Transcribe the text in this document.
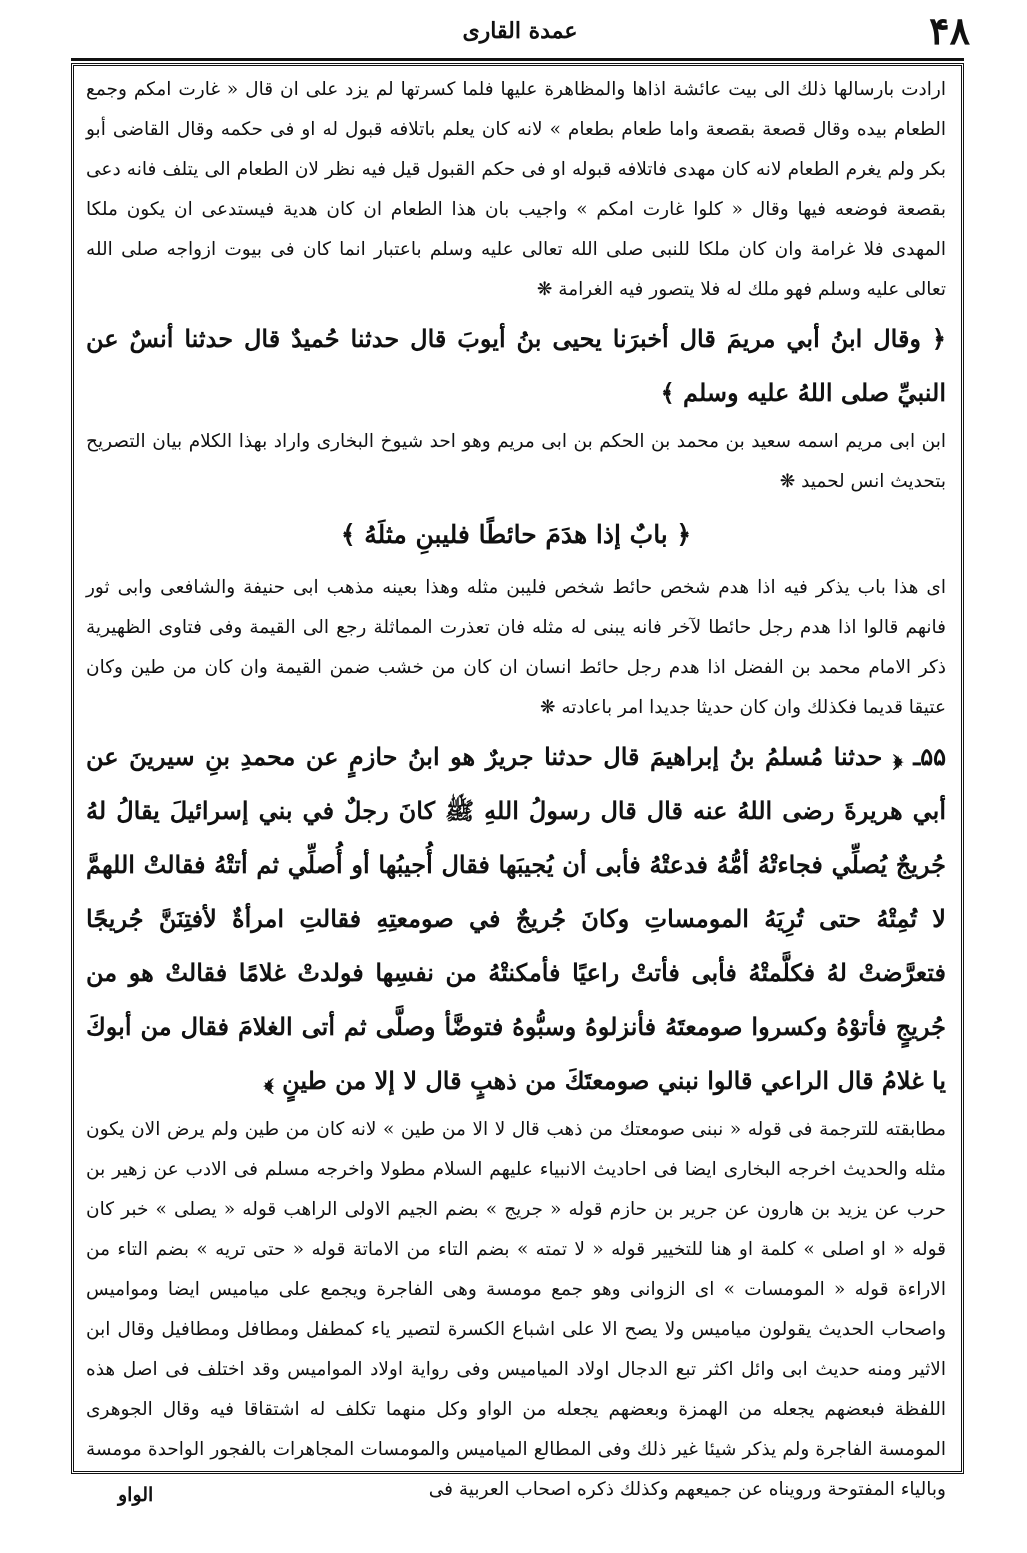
۴۸
عمدة القاری

ارادت بارسالها ذلك الى بيت عائشة اذاها والمظاهرة عليها فلما كسرتها لم يزد على ان قال « غارت امكم وجمع الطعام بيده وقال قصعة بقصعة واما طعام بطعام » لانه كان يعلم باتلافه قبول له او فى حكمه وقال القاضى أبو بكر ولم يغرم الطعام لانه كان مهدى فاتلافه قبوله او فى حكم القبول قيل فيه نظر لان الطعام الى يتلف فانه دعى بقصعة فوضعه فيها وقال « كلوا غارت امكم » واجيب بان هذا الطعام ان كان هدية فيستدعى ان يكون ملكا المهدى فلا غرامة وان كان ملكا للنبى صلى الله تعالى عليه وسلم باعتبار انما كان فى بيوت ازواجه صلى الله تعالى عليه وسلم فهو ملك له فلا يتصور فيه الغرامة ❋

﴿ وقال ابنُ أبي مريمَ قال أخبرَنا يحيى بنُ أيوبَ قال حدثنا حُميدٌ قال حدثنا أنسٌ عن النبيِّ صلى اللهُ عليه وسلم ﴾

ابن ابى مريم اسمه سعيد بن محمد بن الحكم بن ابى مريم وهو احد شيوخ البخارى واراد بهذا الكلام بيان التصريح بتحديث انس لحميد ❋

﴿ بابٌ إذا هدَمَ حائطًا فليبنِ مثلَهُ ﴾

اى هذا باب يذكر فيه اذا هدم شخص حائط شخص فليبن مثله وهذا بعينه مذهب ابى حنيفة والشافعى وابى ثور فانهم قالوا اذا هدم رجل حائطا لآخر فانه يبنى له مثله فان تعذرت المماثلة رجع الى القيمة وفى فتاوى الظهيرية ذكر الامام محمد بن الفضل اذا هدم رجل حائط انسان ان كان من خشب ضمن القيمة وان كان من طين وكان عتيقا قديما فكذلك وان كان حديثا جديدا امر باعادته ❋

۵۵ـ ﴿ حدثنا مُسلمُ بنُ إبراهيمَ قال حدثنا جريرٌ هو ابنُ حازمٍ عن محمدِ بنِ سيرينَ عن أبي هريرةَ رضى اللهُ عنه قال قال رسولُ اللهِ ﷺ كانَ رجلٌ في بني إسرائيلَ يقالُ لهُ جُريجٌ يُصلِّي فجاءتْهُ أمُّهُ فدعتْهُ فأبى أن يُجيبَها فقال أُجيبُها أو أُصلِّي ثم أتتْهُ فقالتْ اللهمَّ لا تُمِتْهُ حتى تُرِيَهُ المومساتِ وكانَ جُريجٌ في صومعتِهِ فقالتِ امرأةٌ لأفتِنَنَّ جُريجًا فتعرَّضتْ لهُ فكلَّمتْهُ فأبى فأتتْ راعيًا فأمكنتْهُ من نفسِها فولدتْ غلامًا فقالتْ هو من جُريجٍ فأتوْهُ وكسروا صومعتَهُ فأنزلوهُ وسبُّوهُ فتوضَّأ وصلَّى ثم أتى الغلامَ فقال من أبوكَ يا غلامُ قال الراعي قالوا نبني صومعتَكَ من ذهبٍ قال لا إلا من طينٍ ﴾

مطابقته للترجمة فى قوله « نبنى صومعتك من ذهب قال لا الا من طين » لانه كان من طين ولم يرض الان يكون مثله والحديث اخرجه البخارى ايضا فى احاديث الانبياء عليهم السلام مطولا واخرجه مسلم فى الادب عن زهير بن حرب عن يزيد بن هارون عن جرير بن حازم قوله « جريج » بضم الجيم الاولى الراهب قوله « يصلى » خبر كان قوله « او اصلى » كلمة او هنا للتخيير قوله « لا تمته » بضم التاء من الاماتة قوله « حتى تريه » بضم التاء من الاراءة قوله « المومسات » اى الزوانى وهو جمع مومسة وهى الفاجرة ويجمع على مياميس ايضا ومواميس واصحاب الحديث يقولون مياميس ولا يصح الا على اشباع الكسرة لتصير ياء كمطفل ومطافل ومطافيل وقال ابن الاثير ومنه حديث ابى وائل اكثر تبع الدجال اولاد المياميس وفى رواية اولاد المواميس وقد اختلف فى اصل هذه اللفظة فبعضهم يجعله من الهمزة وبعضهم يجعله من الواو وكل منهما تكلف له اشتقاقا فيه وقال الجوهرى المومسة الفاجرة ولم يذكر شيئا غير ذلك وفى المطالع المياميس والمومسات المجاهرات بالفجور الواحدة مومسة وبالياء المفتوحة ورويناه عن جميعهم وكذلك ذكره اصحاب العربية فى

الواو
